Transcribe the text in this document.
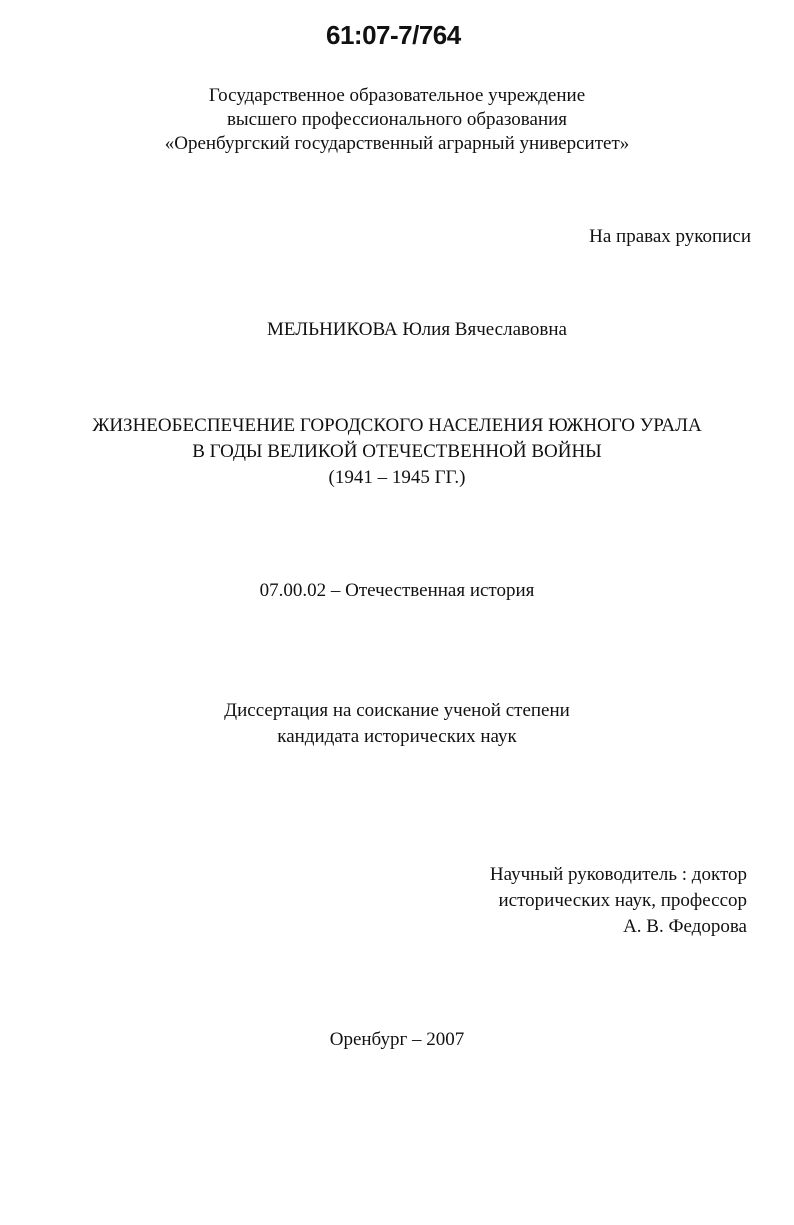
61:07-7/764
Государственное образовательное учреждение
высшего профессионального образования
«Оренбургский государственный аграрный университет»
На правах рукописи
МЕЛЬНИКОВА Юлия Вячеславовна
ЖИЗНЕОБЕСПЕЧЕНИЕ ГОРОДСКОГО НАСЕЛЕНИЯ ЮЖНОГО УРАЛА
В ГОДЫ ВЕЛИКОЙ ОТЕЧЕСТВЕННОЙ ВОЙНЫ
(1941 – 1945 ГГ.)
07.00.02 – Отечественная история
Диссертация на соискание ученой степени
кандидата исторических наук
Научный руководитель : доктор
исторических наук, профессор
А. В. Федорова
Оренбург – 2007
